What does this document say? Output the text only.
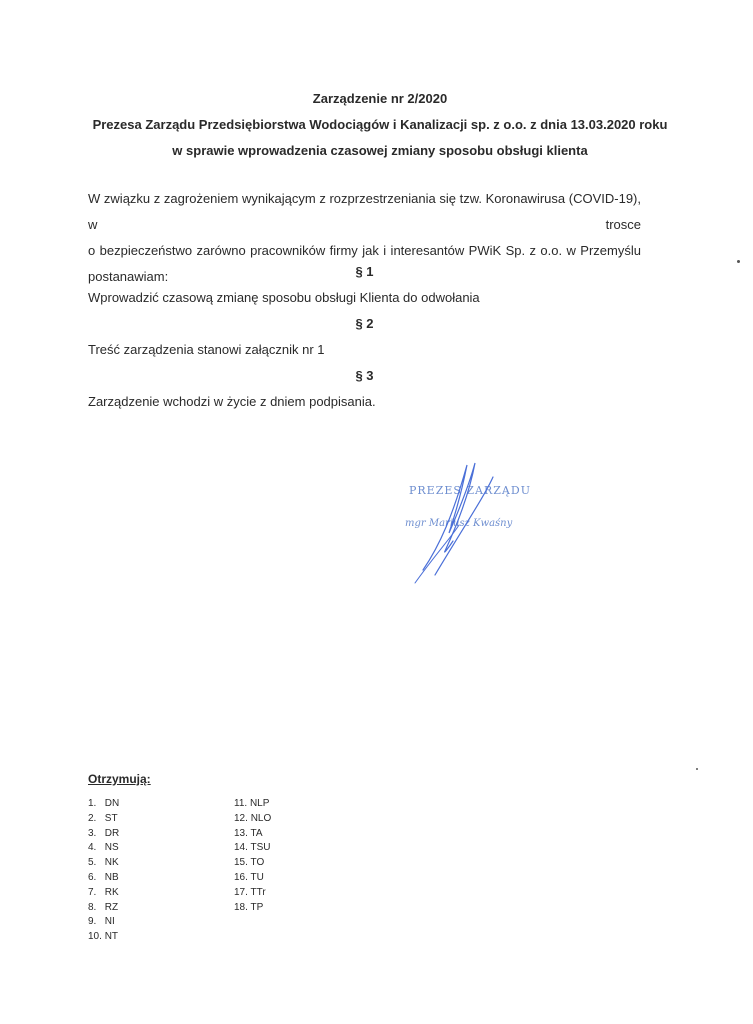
Zarządzenie nr 2/2020
Prezesa Zarządu Przedsiębiorstwa Wodociągów i Kanalizacji sp. z o.o. z dnia 13.03.2020 roku
w sprawie wprowadzenia czasowej zmiany sposobu obsługi klienta
W związku z zagrożeniem wynikającym z rozprzestrzeniania się tzw. Koronawirusa (COVID-19), w trosce
o bezpieczeństwo zarówno pracowników firmy jak i interesantów PWiK Sp. z o.o. w Przemyślu
postanawiam:	§ 1
Wprowadzić czasową zmianę sposobu obsługi Klienta do odwołania
§ 2
Treść zarządzenia stanowi załącznik nr 1
§ 3
Zarządzenie wchodzi w życie z dniem podpisania.
PREZES ZARZĄDU
mgr Mariusz Kwaśny
Otrzymują:
1. DN
2. ST
3. DR
4. NS
5. NK
6. NB
7. RK
8. RZ
9. NI
10. NT
11. NLP
12. NLO
13. TA
14. TSU
15. TO
16. TU
17. TTr
18. TP
